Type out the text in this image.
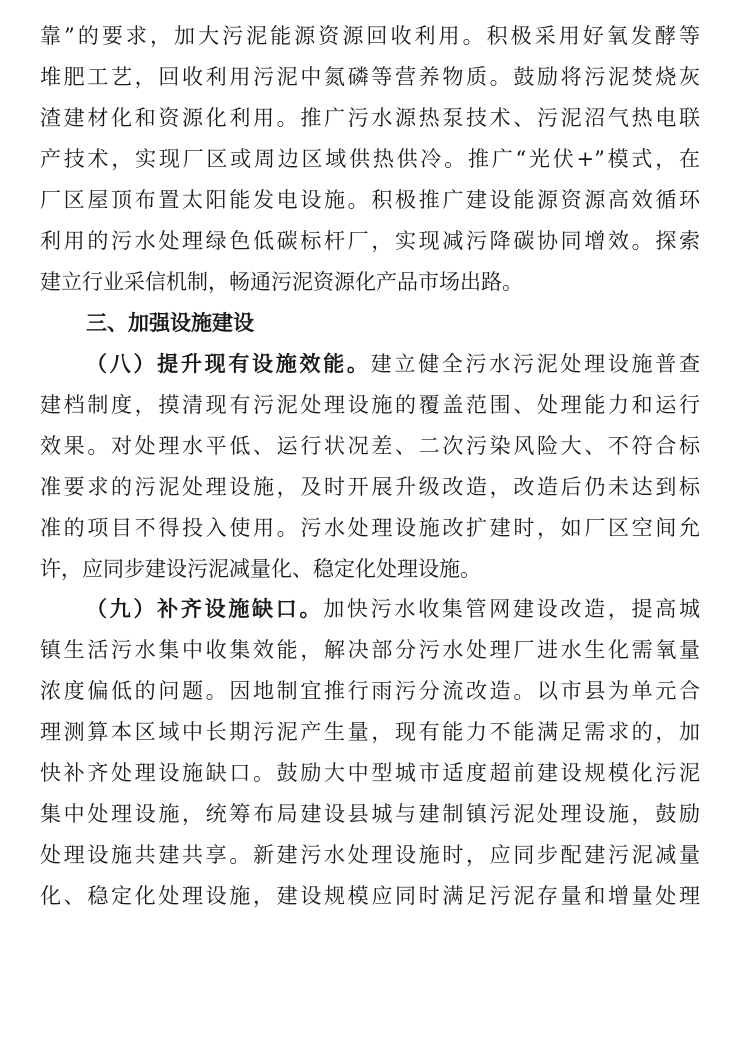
靠”的要求，加大污泥能源资源回收利用。积极采用好氧发酵等
堆肥工艺，回收利用污泥中氮磷等营养物质。鼓励将污泥焚烧灰
渣建材化和资源化利用。推广污水源热泵技术、污泥沼气热电联
产技术，实现厂区或周边区域供热供冷。推广“光伏+”模式，在
厂区屋顶布置太阳能发电设施。积极推广建设能源资源高效循环
利用的污水处理绿色低碳标杆厂，实现减污降碳协同增效。探索
建立行业采信机制，畅通污泥资源化产品市场出路。
三、加强设施建设
（八）提升现有设施效能。建立健全污水污泥处理设施普查
建档制度，摸清现有污泥处理设施的覆盖范围、处理能力和运行
效果。对处理水平低、运行状况差、二次污染风险大、不符合标
准要求的污泥处理设施，及时开展升级改造，改造后仍未达到标
准的项目不得投入使用。污水处理设施改扩建时，如厂区空间允
许，应同步建设污泥减量化、稳定化处理设施。
（九）补齐设施缺口。加快污水收集管网建设改造，提高城
镇生活污水集中收集效能，解决部分污水处理厂进水生化需氧量
浓度偏低的问题。因地制宜推行雨污分流改造。以市县为单元合
理测算本区域中长期污泥产生量，现有能力不能满足需求的，加
快补齐处理设施缺口。鼓励大中型城市适度超前建设规模化污泥
集中处理设施，统筹布局建设县城与建制镇污泥处理设施，鼓励
处理设施共建共享。新建污水处理设施时，应同步配建污泥减量
化、稳定化处理设施，建设规模应同时满足污泥存量和增量处理
